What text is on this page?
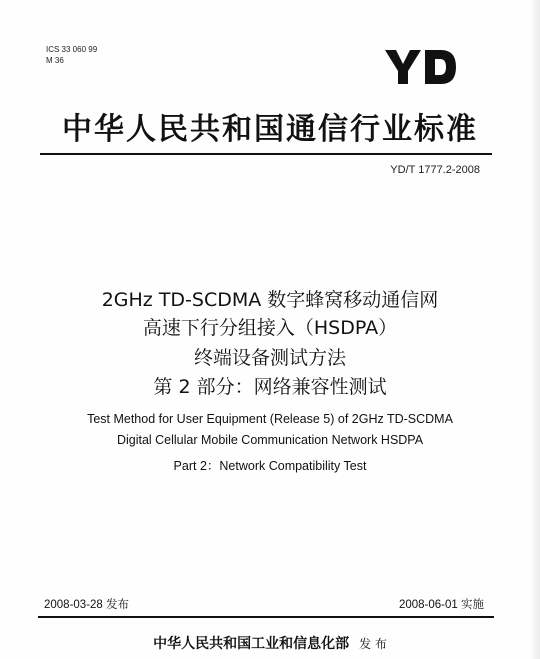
ICS 33 060 99
M 36
中华人民共和国通信行业标准
YD/T 1777.2-2008
2GHz TD-SCDMA 数字蜂窝移动通信网
高速下行分组接入（HSDPA）
终端设备测试方法
第 2 部分：网络兼容性测试
Test Method for User Equipment (Release 5) of 2GHz TD-SCDMA
Digital Cellular Mobile Communication Network HSDPA
Part 2：Network Compatibility Test
2008-03-28 发布	2008-06-01 实施
中华人民共和国工业和信息化部 发 布
